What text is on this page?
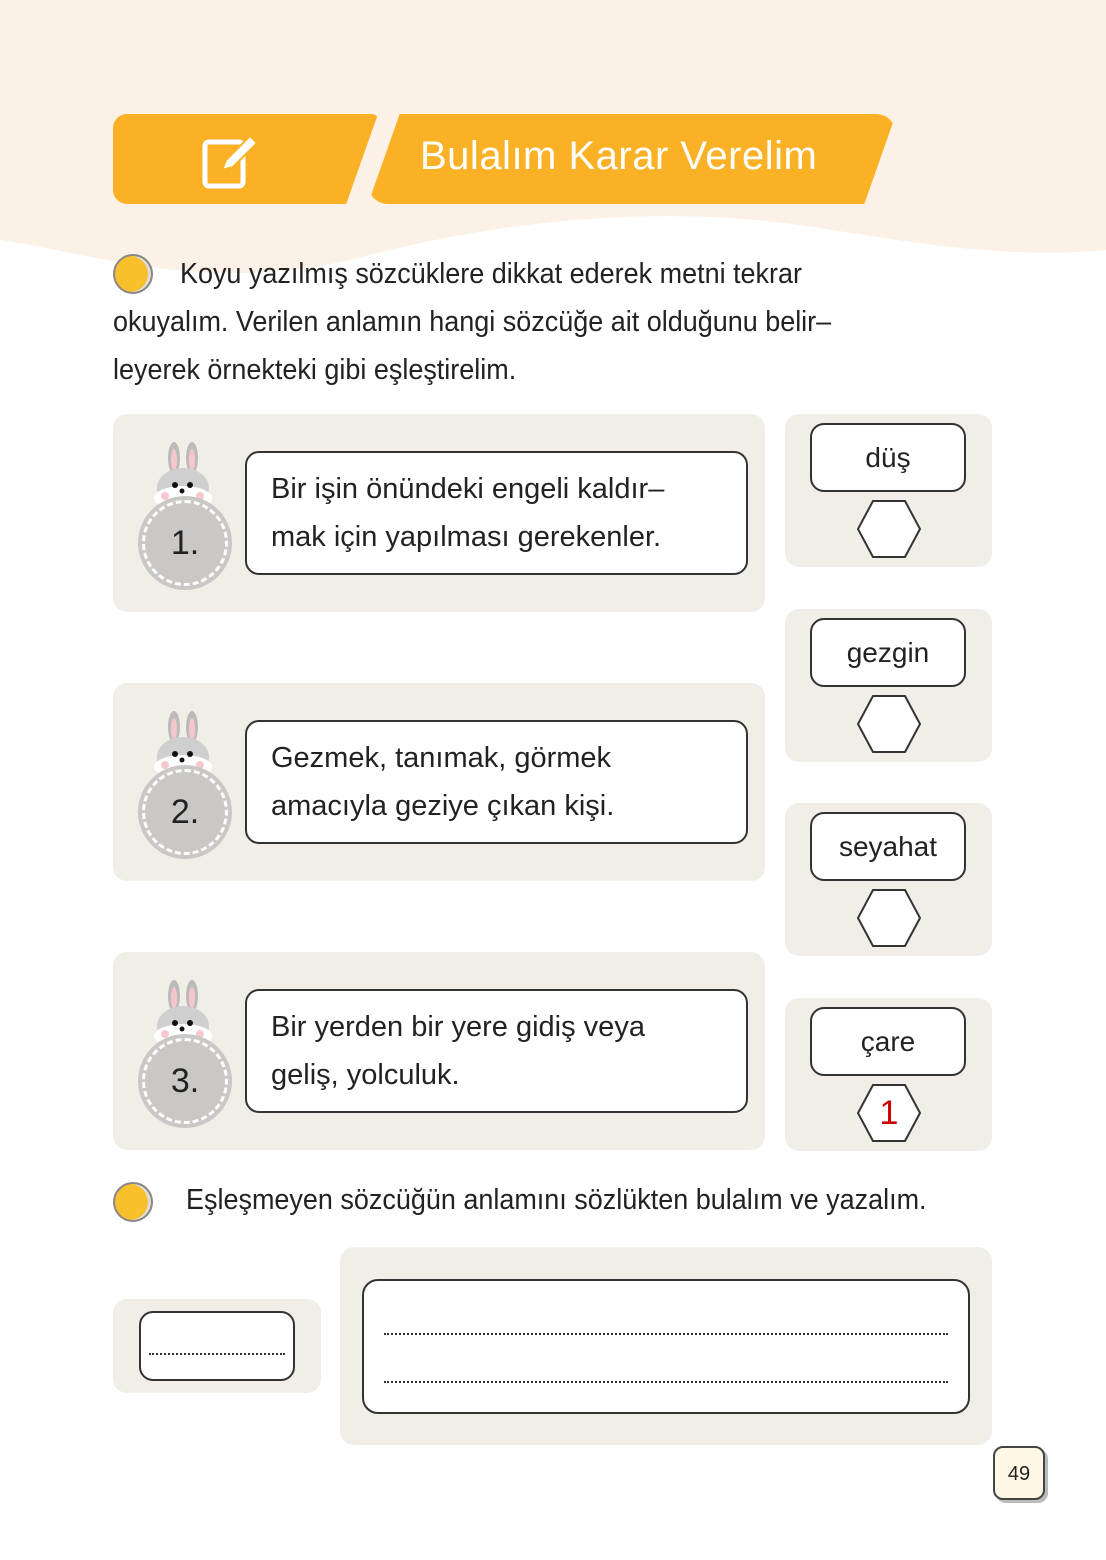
Bulalım Karar Verelim
Koyu yazılmış sözcüklere dikkat ederek metni tekrar
okuyalım. Verilen anlamın hangi sözcüğe ait olduğunu belir–
leyerek örnekteki gibi eşleştirelim.
1.
Bir işin önündeki engeli kaldır–
mak için yapılması gerekenler.
2.
Gezmek, tanımak, görmek
amacıyla geziye çıkan kişi.
3.
Bir yerden bir yere gidiş veya
geliş, yolculuk.
düş
gezgin
seyahat
çare
1
Eşleşmeyen sözcüğün anlamını sözlükten bulalım ve yazalım.
49
